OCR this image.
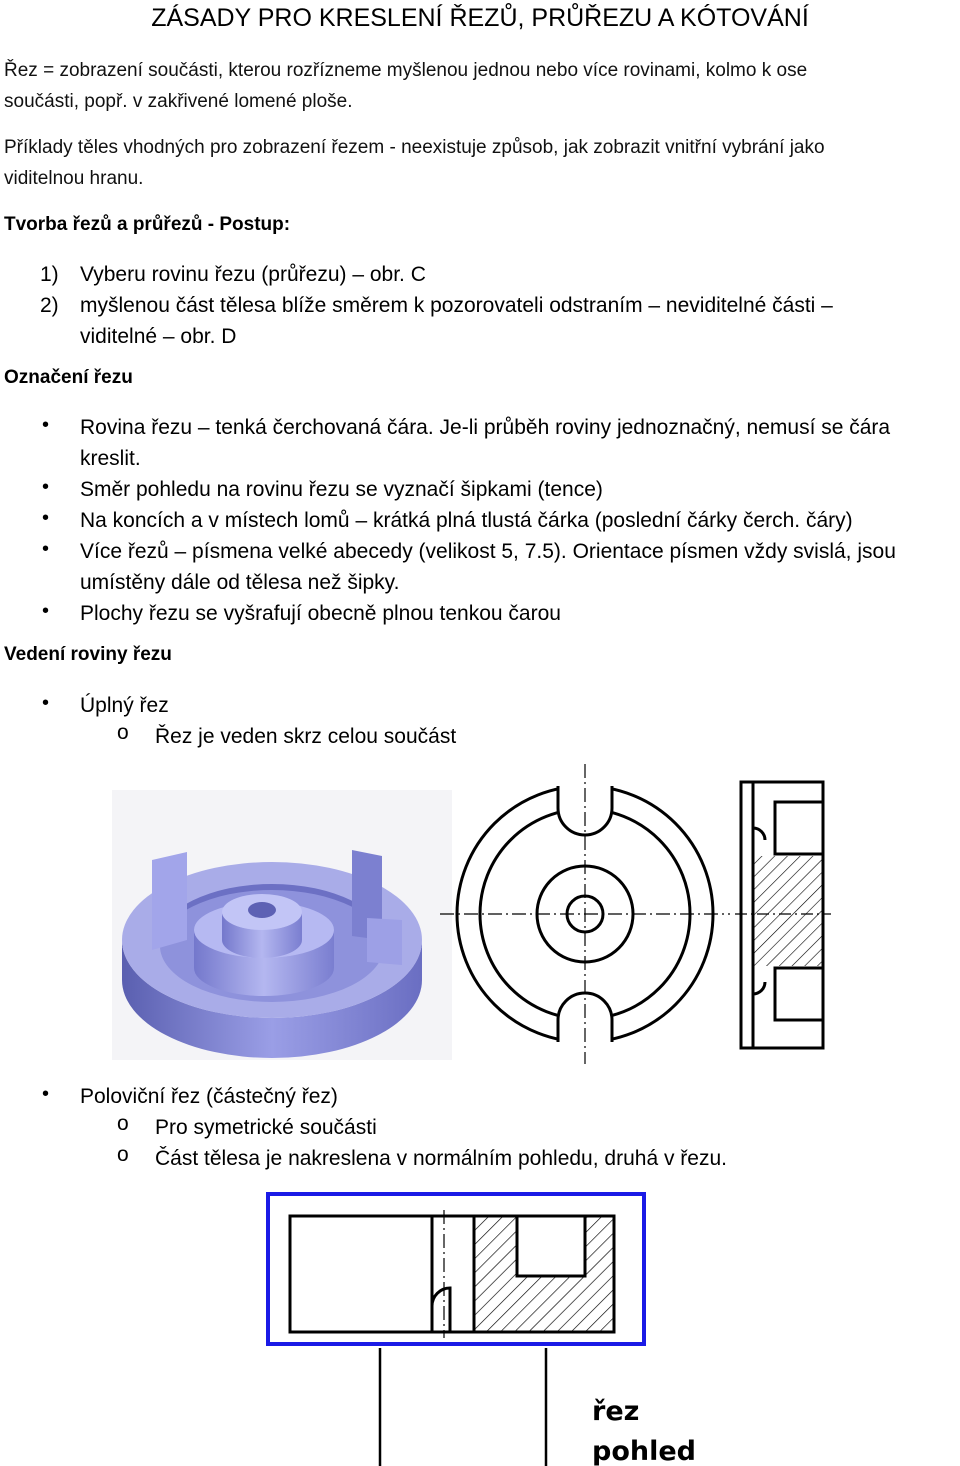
ZÁSADY PRO KRESLENÍ ŘEZŮ, PRŮŘEZU A KÓTOVÁNÍ
Řez = zobrazení součásti, kterou rozřízneme myšlenou jednou nebo více rovinami, kolmo k ose
součásti, popř. v zakřivené lomené ploše.
Příklady těles vhodných pro zobrazení řezem - neexistuje způsob, jak zobrazit vnitřní vybrání jako
viditelnou hranu.
Tvorba řezů a průřezů - Postup:
1) Vyberu rovinu řezu (průřezu) – obr. C
2) myšlenou část tělesa blíže směrem k pozorovateli odstraním – neviditelné části –
viditelné – obr. D
Označení řezu
• Rovina řezu – tenká čerchovaná čára. Je-li průběh roviny jednoznačný, nemusí se čára
kreslit.
• Směr pohledu na rovinu řezu se vyznačí šipkami (tence)
• Na koncích a v místech lomů – krátká plná tlustá čárka (poslední čárky čerch. čáry)
• Více řezů – písmena velké abecedy (velikost 5, 7.5). Orientace písmen vždy svislá, jsou
umístěny dále od tělesa než šipky.
• Plochy řezu se vyšrafují obecně plnou tenkou čarou
Vedení roviny řezu
• Úplný řez
o Řez je veden skrz celou součást
• Poloviční řez (částečný řez)
o Pro symetrické součásti
o Část tělesa je nakreslena v normálním pohledu, druhá v řezu.
řez
pohled
